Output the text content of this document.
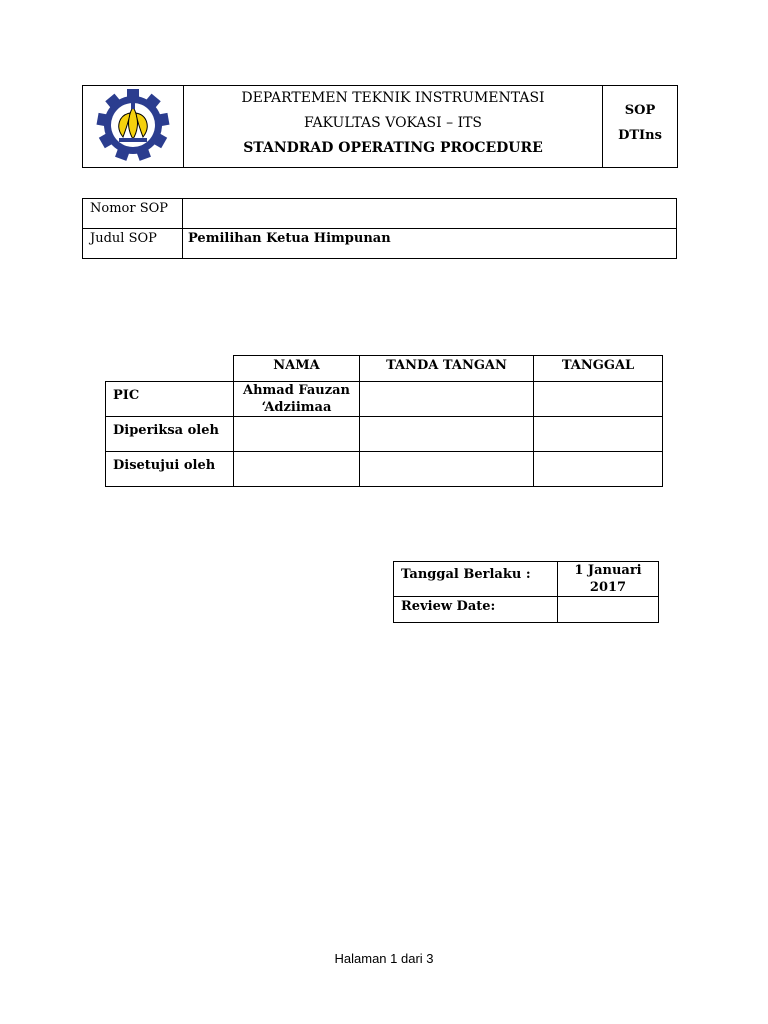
DEPARTEMEN TEKNIK INSTRUMENTASI
FAKULTAS VOKASI – ITS
STANDRAD OPERATING PROCEDURE

SOP
DTIns
Nomor SOP	
Judul SOP	Pemilihan Ketua Himpunan
	NAMA	TANDA TANGAN	TANGGAL
PIC	Ahmad Fauzan
‘Adziimaa		

Diperiksa oleh			
Disetujui oleh			
Tanggal Berlaku :	1 Januari
2017

Review Date:	
Halaman 1 dari 3
